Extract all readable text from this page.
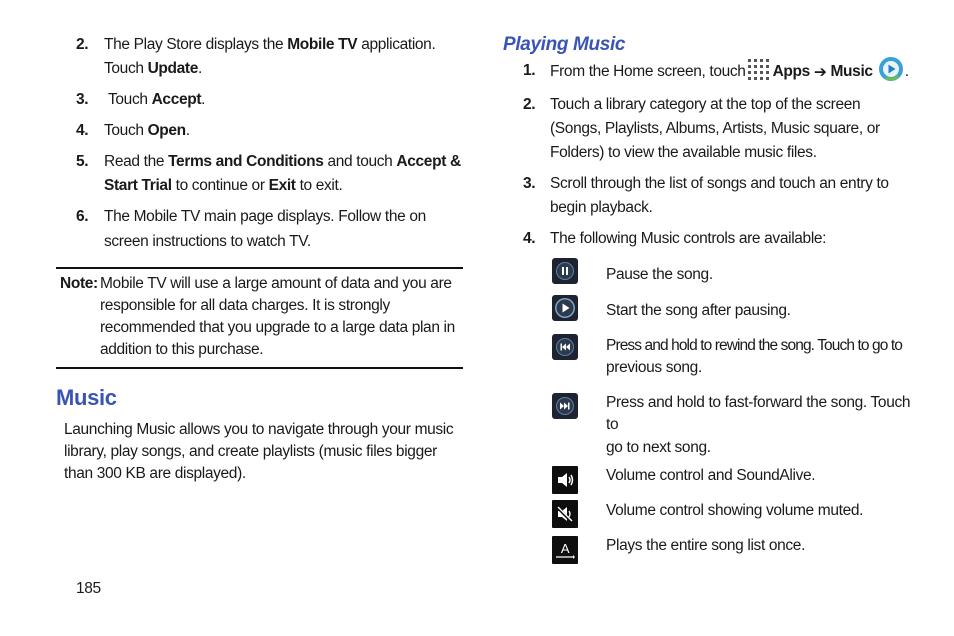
2. The Play Store displays the Mobile TV application.
Touch Update.
3. Touch Accept.
4. Touch Open.
5. Read the Terms and Conditions and touch Accept &
Start Trial to continue or Exit to exit.
6. The Mobile TV main page displays. Follow the on
screen instructions to watch TV.
Note: Mobile TV will use a large amount of data and you are
responsible for all data charges. It is strongly
recommended that you upgrade to a large data plan in
addition to this purchase.
Music
Launching Music allows you to navigate through your music
library, play songs, and create playlists (music files bigger
than 300 KB are displayed).
185
Playing Music
1. From the Home screen, touch Apps ➔ Music .
2. Touch a library category at the top of the screen
(Songs, Playlists, Albums, Artists, Music square, or
Folders) to view the available music files.
3. Scroll through the list of songs and touch an entry to
begin playback.
4. The following Music controls are available:
Pause the song.
Start the song after pausing.
Press and hold to rewind the song. Touch to go to
previous song.
Press and hold to fast-forward the song. Touch
to
go to next song.
Volume control and SoundAlive.
Volume control showing volume muted.
A Plays the entire song list once.
